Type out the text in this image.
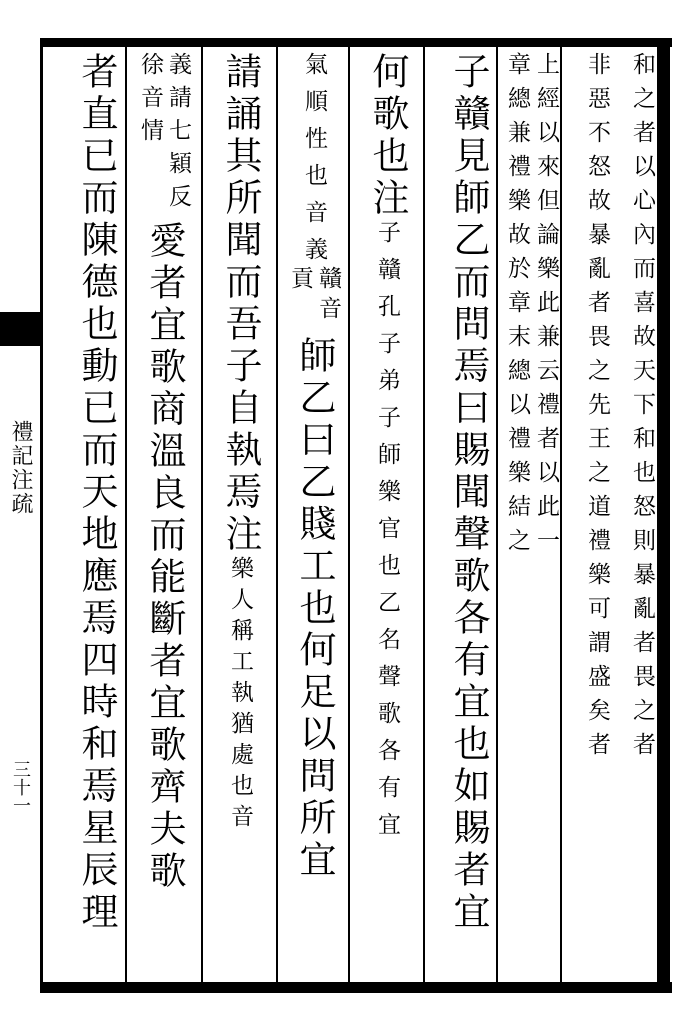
禮記注疏
三十一
和之者以心內而喜故天下和也怒則暴亂者畏之者
非惡不怒故暴亂者畏之先王之道禮樂可謂盛矣者
上經以來但論樂此兼云禮者以此一
章總兼禮樂故於章末總以禮樂結之
子贛見師乙而問焉曰賜聞聲歌各有宜也如賜者宜
何歌也注
子贛孔子弟子師樂官也乙名聲歌各有宜
氣順性也音義
贛音
貢
師乙曰乙賤工也何足以問所宜
請誦其所聞而吾子自執焉注
樂人稱工執猶處也音
義請七穎反
徐音情
愛者宜歌商溫良而能斷者宜歌齊夫歌
者直已而陳德也動已而天地應焉四時和焉星辰理
